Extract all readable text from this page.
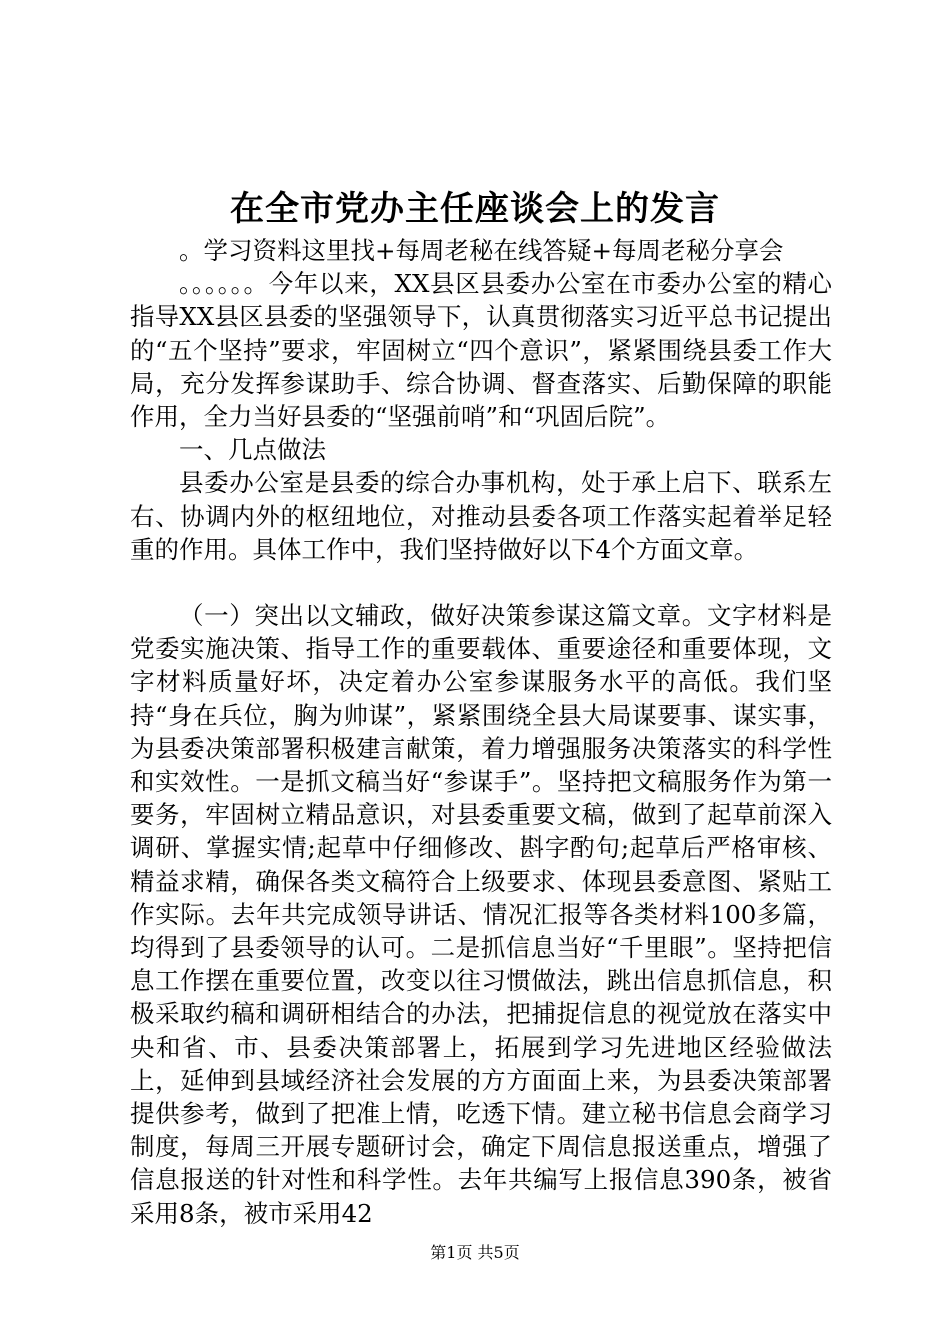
在全市党办主任座谈会上的发言

。学习资料这里找+每周老秘在线答疑+每周老秘分享会

。。。。。。今年以来，XX县区县委办公室在市委办公室的精心指导XX县区县委的坚强领导下，认真贯彻落实习近平总书记提出的“五个坚持”要求，牢固树立“四个意识”，紧紧围绕县委工作大局，充分发挥参谋助手、综合协调、督查落实、后勤保障的职能作用，全力当好县委的“坚强前哨”和“巩固后院”。

一、几点做法

县委办公室是县委的综合办事机构，处于承上启下、联系左右、协调内外的枢纽地位，对推动县委各项工作落实起着举足轻重的作用。具体工作中，我们坚持做好以下4个方面文章。

（一）突出以文辅政，做好决策参谋这篇文章。文字材料是党委实施决策、指导工作的重要载体、重要途径和重要体现，文字材料质量好坏，决定着办公室参谋服务水平的高低。我们坚持“身在兵位，胸为帅谋”，紧紧围绕全县大局谋要事、谋实事，为县委决策部署积极建言献策，着力增强服务决策落实的科学性和实效性。一是抓文稿当好“参谋手”。坚持把文稿服务作为第一要务，牢固树立精品意识，对县委重要文稿，做到了起草前深入调研、掌握实情;起草中仔细修改、斟字酌句;起草后严格审核、精益求精，确保各类文稿符合上级要求、体现县委意图、紧贴工作实际。去年共完成领导讲话、情况汇报等各类材料100多篇，均得到了县委领导的认可。二是抓信息当好“千里眼”。坚持把信息工作摆在重要位置，改变以往习惯做法，跳出信息抓信息，积极采取约稿和调研相结合的办法，把捕捉信息的视觉放在落实中央和省、市、县委决策部署上，拓展到学习先进地区经验做法上，延伸到县域经济社会发展的方方面面上来，为县委决策部署提供参考，做到了把准上情，吃透下情。建立秘书信息会商学习制度，每周三开展专题研讨会，确定下周信息报送重点，增强了信息报送的针对性和科学性。去年共编写上报信息390条，被省采用8条，被市采用42

第1页 共5页
